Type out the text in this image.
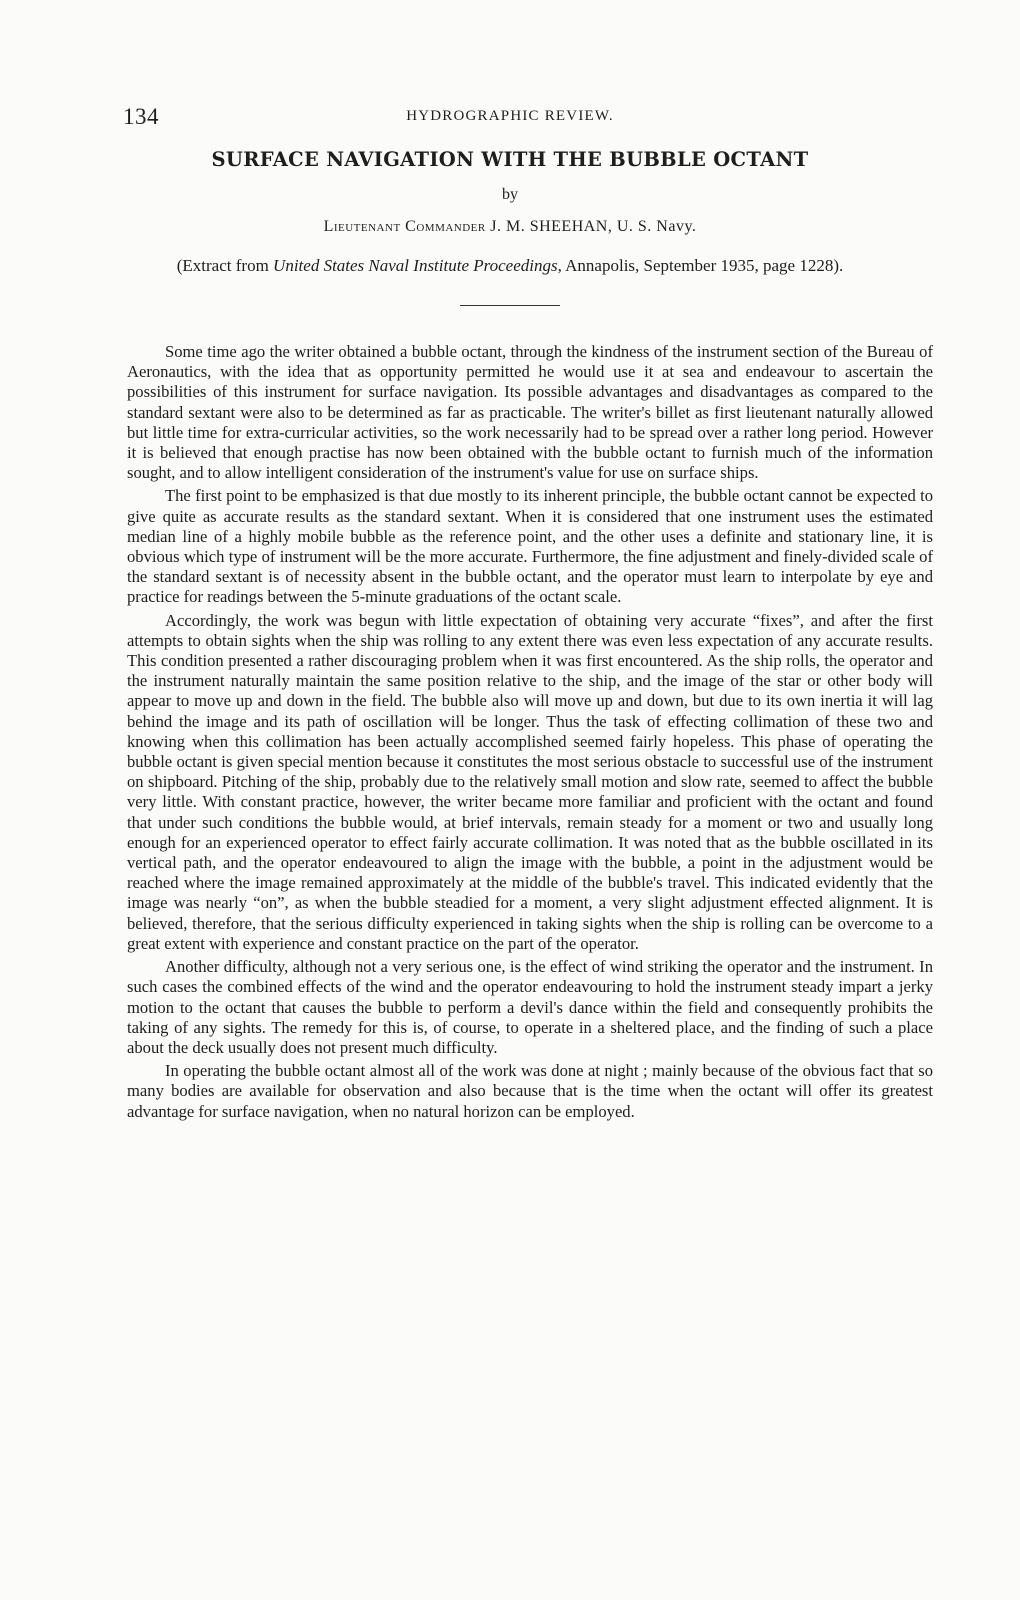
134	HYDROGRAPHIC REVIEW.
SURFACE NAVIGATION WITH THE BUBBLE OCTANT
by
Lieutenant Commander J. M. SHEEHAN, U. S. Navy.
(Extract from United States Naval Institute Proceedings, Annapolis, September 1935, page 1228).

Some time ago the writer obtained a bubble octant, through the kindness of the instrument section of the Bureau of Aeronautics, with the idea that as opportunity permitted he would use it at sea and endeavour to ascertain the possibilities of this instrument for surface navigation. Its possible advantages and disadvantages as compared to the standard sextant were also to be determined as far as practicable. The writer's billet as first lieutenant naturally allowed but little time for extra-curricular activities, so the work necessarily had to be spread over a rather long period. However it is believed that enough practise has now been obtained with the bubble octant to furnish much of the information sought, and to allow intelligent consideration of the instrument's value for use on surface ships.

The first point to be emphasized is that due mostly to its inherent principle, the bubble octant cannot be expected to give quite as accurate results as the standard sextant. When it is considered that one instrument uses the estimated median line of a highly mobile bubble as the reference point, and the other uses a definite and stationary line, it is obvious which type of instrument will be the more accurate. Furthermore, the fine adjustment and finely-divided scale of the standard sextant is of necessity absent in the bubble octant, and the operator must learn to interpolate by eye and practice for readings between the 5-minute graduations of the octant scale.

Accordingly, the work was begun with little expectation of obtaining very accurate “fixes”, and after the first attempts to obtain sights when the ship was rolling to any extent there was even less expectation of any accurate results. This condition presented a rather discouraging problem when it was first encountered. As the ship rolls, the operator and the instrument naturally maintain the same position relative to the ship, and the image of the star or other body will appear to move up and down in the field. The bubble also will move up and down, but due to its own inertia it will lag behind the image and its path of oscillation will be longer. Thus the task of effecting collimation of these two and knowing when this collimation has been actually accomplished seemed fairly hopeless. This phase of operating the bubble octant is given special mention because it constitutes the most serious obstacle to successful use of the instrument on shipboard. Pitching of the ship, probably due to the relatively small motion and slow rate, seemed to affect the bubble very little. With constant practice, however, the writer became more familiar and proficient with the octant and found that under such conditions the bubble would, at brief intervals, remain steady for a moment or two and usually long enough for an experienced operator to effect fairly accurate collimation. It was noted that as the bubble oscillated in its vertical path, and the operator endeavoured to align the image with the bubble, a point in the adjustment would be reached where the image remained approximately at the middle of the bubble's travel. This indicated evidently that the image was nearly “on”, as when the bubble steadied for a moment, a very slight adjustment effected alignment. It is believed, therefore, that the serious difficulty experienced in taking sights when the ship is rolling can be overcome to a great extent with experience and constant practice on the part of the operator.

Another difficulty, although not a very serious one, is the effect of wind striking the operator and the instrument. In such cases the combined effects of the wind and the operator endeavouring to hold the instrument steady impart a jerky motion to the octant that causes the bubble to perform a devil's dance within the field and consequently prohibits the taking of any sights. The remedy for this is, of course, to operate in a sheltered place, and the finding of such a place about the deck usually does not present much difficulty.

In operating the bubble octant almost all of the work was done at night ; mainly because of the obvious fact that so many bodies are available for observation and also because that is the time when the octant will offer its greatest advantage for surface navigation, when no natural horizon can be employed.
